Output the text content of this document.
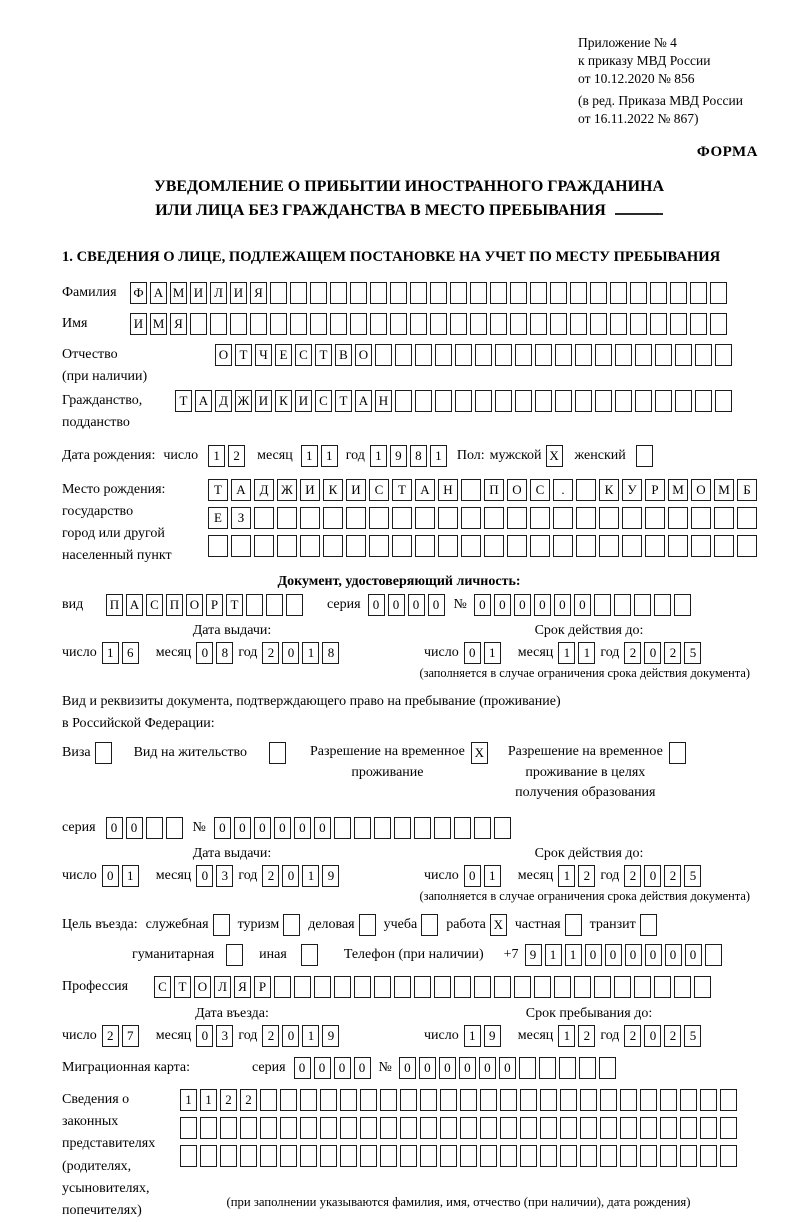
Приложение № 4
к приказу МВД России
от 10.12.2020 № 856
(в ред. Приказа МВД России
от 16.11.2022 № 867)
ФОРМА
УВЕДОМЛЕНИЕ О ПРИБЫТИИ ИНОСТРАННОГО ГРАЖДАНИНА
ИЛИ ЛИЦА БЕЗ ГРАЖДАНСТВА В МЕСТО ПРЕБЫВАНИЯ
1. СВЕДЕНИЯ О ЛИЦЕ, ПОДЛЕЖАЩЕМ ПОСТАНОВКЕ НА УЧЕТ ПО МЕСТУ ПРЕБЫВАНИЯ
Фамилия	Ф А М И Л И Я
Имя	И М Я
Отчество
(при наличии)
О Т Ч Е С Т В О
Гражданство,
подданство
Т А Д Ж И К И С Т А Н
Дата рождения: число	1	2	месяц	1	1 год 1	9	8	1	Пол: мужской X женский
Место рождения:
государство
город или другой
населенный пункт
Т	А	Д Ж И	К	И	С	Т	А	Н	П	О	С	.	К	У	Р	М О М	Б
Е	З
Документ, удостоверяющий личность:
вид	П А С П О Р Т	серия 0	0	0	0	№ 0	0	0	0	0	0
Дата выдачи:
число 1	6	месяц 0	8 год 2	0	1	8
Срок действия до:
число 0	1	месяц 1	1 год 2	0	2	5
(заполняется в случае ограничения срока действия документа)
Вид и реквизиты документа, подтверждающего право на пребывание (проживание)
в Российской Федерации:
Виза	Вид на жительство	Разрешение на временное
проживание
X Разрешение на временное
проживание в целях
получения образования
серия	0	0	№	0	0	0	0	0	0
Дата выдачи:
число 0	1	месяц 0	3 год 2	0	1	9
Срок действия до:
число 0	1	месяц 1	2 год 2	0	2	5
(заполняется в случае ограничения срока действия документа)
Цель въезда: служебная туризм деловая учеба работа X частная транзит
гуманитарная	иная	Телефон (при наличии) +7 9	1	1	0	0	0	0	0	0
Профессия	С Т О Л Я Р
Дата въезда:
число 2	7	месяц 0	3 год 2	0	1	9
Срок пребывания до:
число 1	9	месяц 1	2 год 2	0	2	5
Миграционная карта:	серия	0	0	0	0 № 0	0	0	0	0	0
Сведения о
законных
представителях
(родителях,
усыновителях,
попечителях)
1	1	2	2
(при заполнении указываются фамилия, имя, отчество (при наличии), дата рождения)
